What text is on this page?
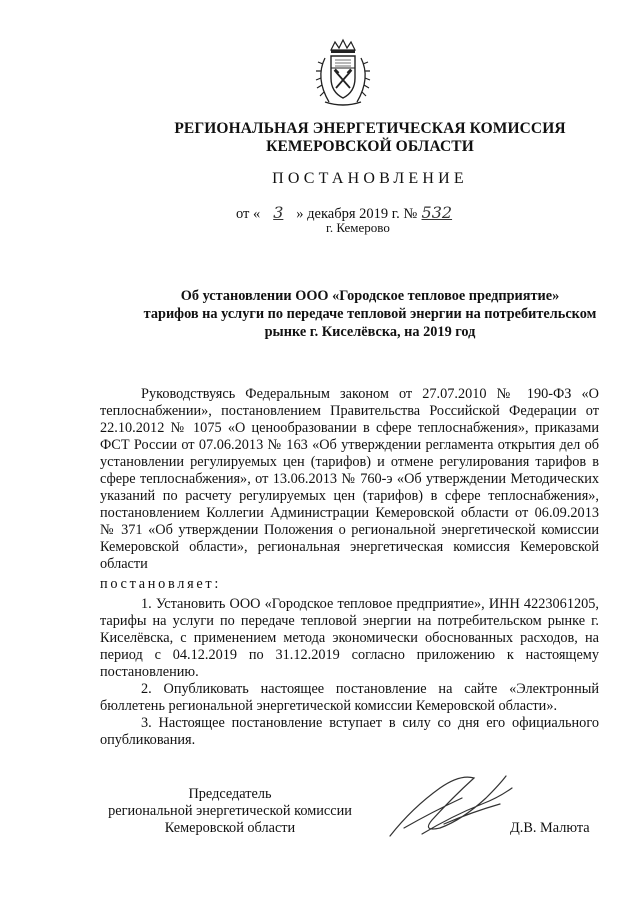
РЕГИОНАЛЬНАЯ ЭНЕРГЕТИЧЕСКАЯ КОМИССИЯ
КЕМЕРОВСКОЙ ОБЛАСТИ
ПОСТАНОВЛЕНИЕ
от « 3 » декабря 2019 г. № 532
г. Кемерово
Об установлении ООО «Городское тепловое предприятие»
тарифов на услуги по передаче тепловой энергии на потребительском
рынке г. Киселёвска, на 2019 год
Руководствуясь Федеральным законом от 27.07.2010 № 190-ФЗ «О теплоснабжении», постановлением Правительства Российской Федерации от 22.10.2012 № 1075 «О ценообразовании в сфере теплоснабжения», приказами ФСТ России от 07.06.2013 № 163 «Об утверждении регламента открытия дел об установлении регулируемых цен (тарифов) и отмене регулирования тарифов в сфере теплоснабжения», от 13.06.2013 № 760-э «Об утверждении Методических указаний по расчету регулируемых цен (тарифов) в сфере теплоснабжения», постановлением Коллегии Администрации Кемеровской области от 06.09.2013 № 371 «Об утверждении Положения о региональной энергетической комиссии Кемеровской области», региональная энергетическая комиссия Кемеровской области
постановляет:
1. Установить ООО «Городское тепловое предприятие», ИНН 4223061205, тарифы на услуги по передаче тепловой энергии на потребительском рынке г. Киселёвска, с применением метода экономически обоснованных расходов, на период с 04.12.2019 по 31.12.2019 согласно приложению к настоящему постановлению.
2. Опубликовать настоящее постановление на сайте «Электронный бюллетень региональной энергетической комиссии Кемеровской области».
3. Настоящее постановление вступает в силу со дня его официального опубликования.
Председатель
региональной энергетической комиссии
Кемеровской области	Д.В. Малюта
